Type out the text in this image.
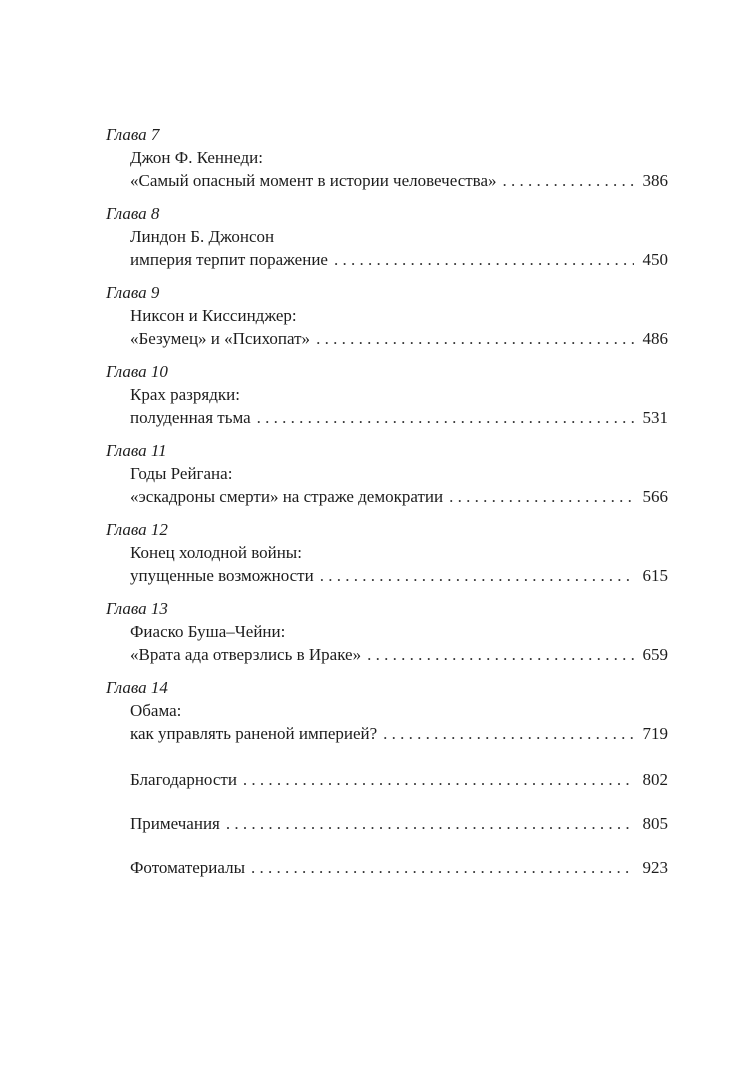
Глава 7
Джон Ф. Кеннеди:
«Самый опасный момент в истории человечества» . . .	386
Глава 8
Линдон Б. Джонсон
империя терпит поражение . . .	450
Глава 9
Никсон и Киссинджер:
«Безумец» и «Психопат» . . .	486
Глава 10
Крах разрядки:
полуденная тьма . . .	531
Глава 11
Годы Рейгана:
«эскадроны смерти» на страже демократии . . .	566
Глава 12
Конец холодной войны:
упущенные возможности . . .	615
Глава 13
Фиаско Буша–Чейни:
«Врата ада отверзлись в Ираке» . . .	659
Глава 14
Обама:
как управлять раненой империей? . . .	719
Благодарности . . .	802
Примечания . . .	805
Фотоматериалы . . .	923
